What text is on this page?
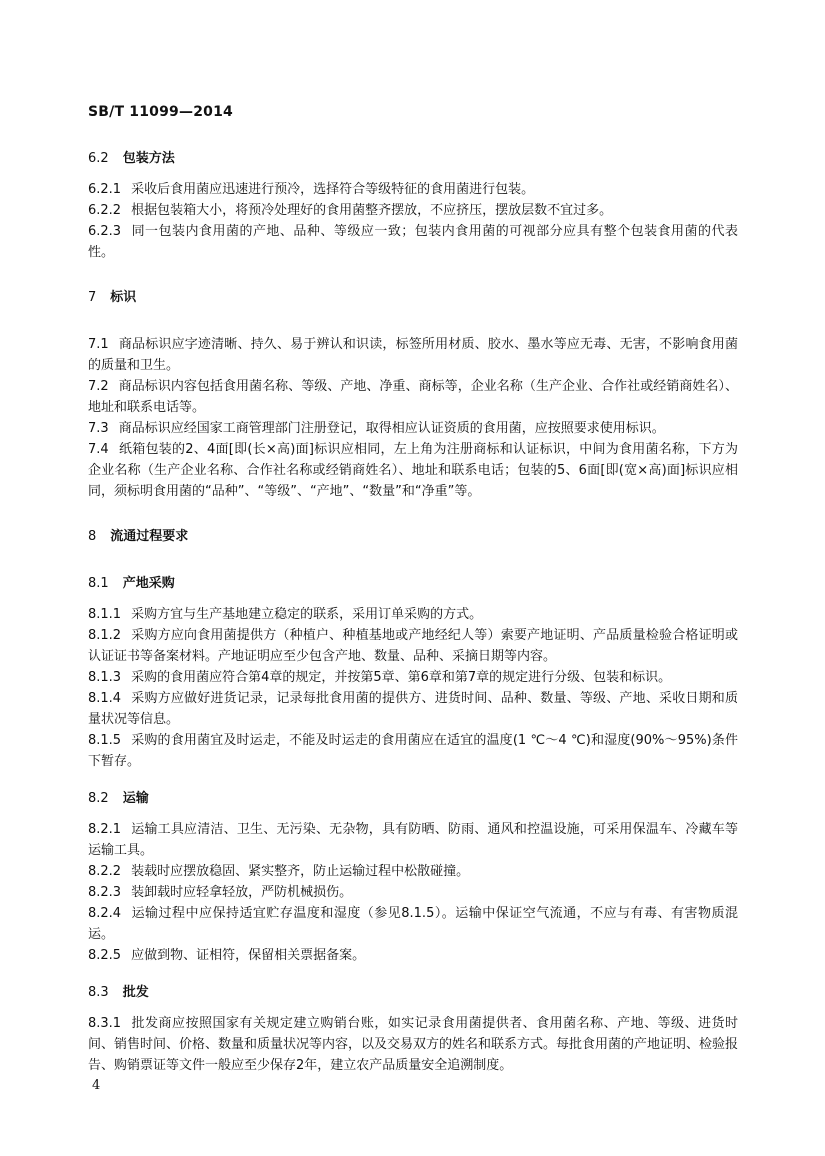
SB/T 11099—2014

6.2 包装方法

6.2.1 采收后食用菌应迅速进行预冷，选择符合等级特征的食用菌进行包装。

6.2.2 根据包装箱大小，将预冷处理好的食用菌整齐摆放，不应挤压，摆放层数不宜过多。

6.2.3 同一包装内食用菌的产地、品种、等级应一致；包装内食用菌的可视部分应具有整个包装食用菌的代表性。

7 标识

7.1 商品标识应字迹清晰、持久、易于辨认和识读，标签所用材质、胶水、墨水等应无毒、无害，不影响食用菌的质量和卫生。

7.2 商品标识内容包括食用菌名称、等级、产地、净重、商标等，企业名称（生产企业、合作社或经销商姓名）、地址和联系电话等。

7.3 商品标识应经国家工商管理部门注册登记，取得相应认证资质的食用菌，应按照要求使用标识。

7.4 纸箱包装的2、4面[即(长×高)面]标识应相同，左上角为注册商标和认证标识，中间为食用菌名称，下方为企业名称（生产企业名称、合作社名称或经销商姓名）、地址和联系电话；包装的5、6面[即(宽×高)面]标识应相同，须标明食用菌的“品种”、“等级”、“产地”、“数量”和“净重”等。

8 流通过程要求

8.1 产地采购

8.1.1 采购方宜与生产基地建立稳定的联系，采用订单采购的方式。

8.1.2 采购方应向食用菌提供方（种植户、种植基地或产地经纪人等）索要产地证明、产品质量检验合格证明或认证证书等备案材料。产地证明应至少包含产地、数量、品种、采摘日期等内容。

8.1.3 采购的食用菌应符合第4章的规定，并按第5章、第6章和第7章的规定进行分级、包装和标识。

8.1.4 采购方应做好进货记录，记录每批食用菌的提供方、进货时间、品种、数量、等级、产地、采收日期和质量状况等信息。

8.1.5 采购的食用菌宜及时运走，不能及时运走的食用菌应在适宜的温度(1 ℃～4 ℃)和湿度(90%～95%)条件下暂存。

8.2 运输

8.2.1 运输工具应清洁、卫生、无污染、无杂物，具有防晒、防雨、通风和控温设施，可采用保温车、冷藏车等运输工具。

8.2.2 装载时应摆放稳固、紧实整齐，防止运输过程中松散碰撞。

8.2.3 装卸载时应轻拿轻放，严防机械损伤。

8.2.4 运输过程中应保持适宜贮存温度和湿度（参见8.1.5）。运输中保证空气流通，不应与有毒、有害物质混运。

8.2.5 应做到物、证相符，保留相关票据备案。

8.3 批发

8.3.1 批发商应按照国家有关规定建立购销台账，如实记录食用菌提供者、食用菌名称、产地、等级、进货时间、销售时间、价格、数量和质量状况等内容，以及交易双方的姓名和联系方式。每批食用菌的产地证明、检验报告、购销票证等文件一般应至少保存2年，建立农产品质量安全追溯制度。

4
